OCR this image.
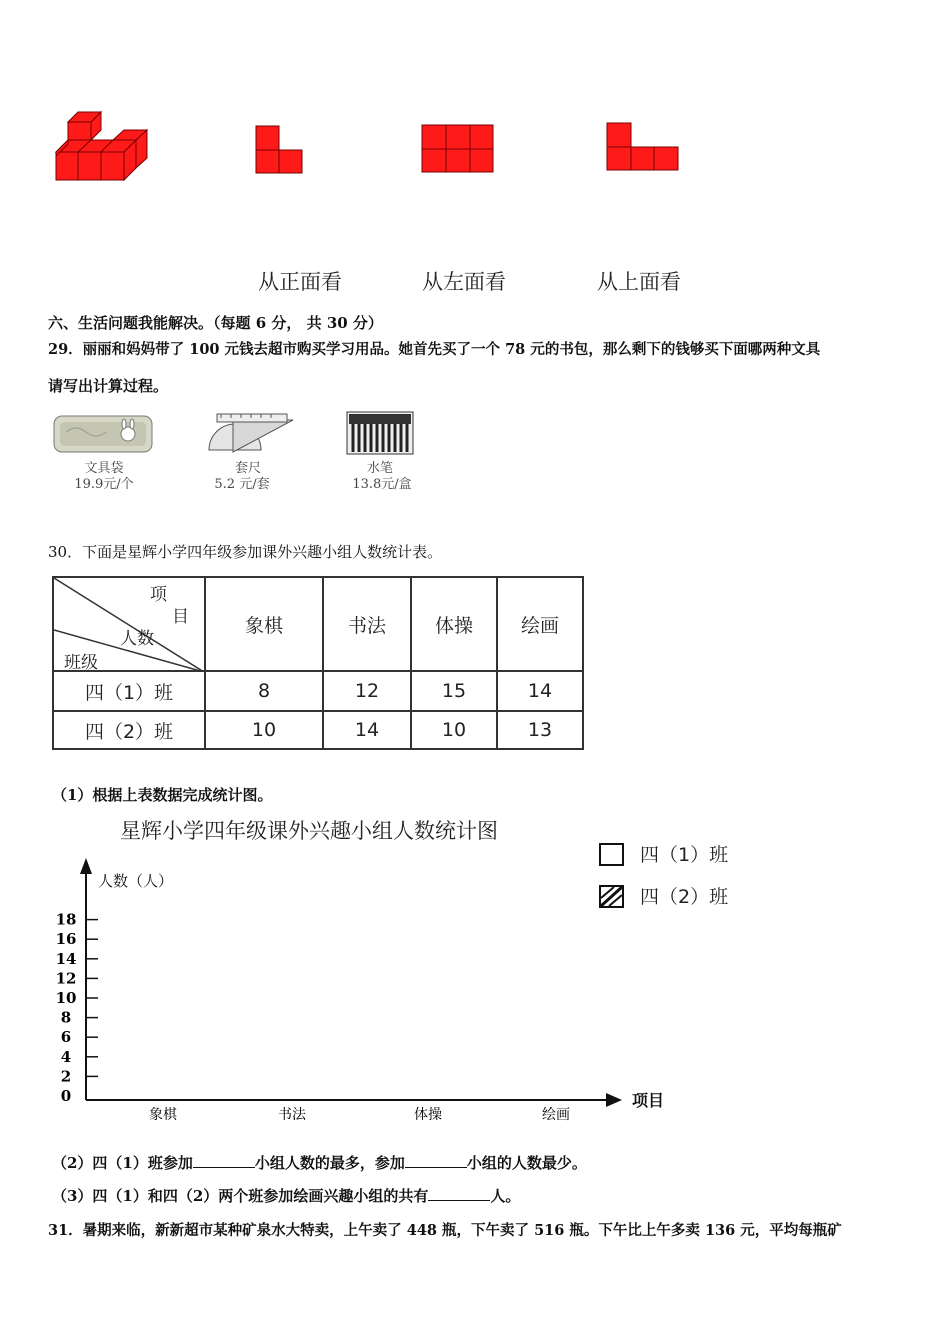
从正面看	从左面看	从上面看
六、生活问题我能解决。（每题 6 分， 共 30 分）
29．丽丽和妈妈带了 100 元钱去超市购买学习用品。她首先买了一个 78 元的书包，那么剩下的钱够买下面哪两种文具
请写出计算过程。
文具袋
19.9元/个
套尺
5.2 元/套
水笔
13.8元/盒
30．下面是星辉小学四年级参加课外兴趣小组人数统计表。
项
目
人数
班级	象棋	书法	体操	绘画
四（1）班	8	12	15	14
四（2）班	10	14	10	13
（1）根据上表数据完成统计图。
星辉小学四年级课外兴趣小组人数统计图
人数（人）
项目
0
2
4
6
8
10
12
14
16
18
象棋	书法	体操	绘画
四（1）班
四（2）班
（2）四（1）班参加	小组人数的最多，参加	小组的人数最少。
（3）四（1）和四（2）两个班参加绘画兴趣小组的共有	人。
31．暑期来临，新新超市某种矿泉水大特卖，上午卖了 448 瓶，下午卖了 516 瓶。下午比上午多卖 136 元，平均每瓶矿
